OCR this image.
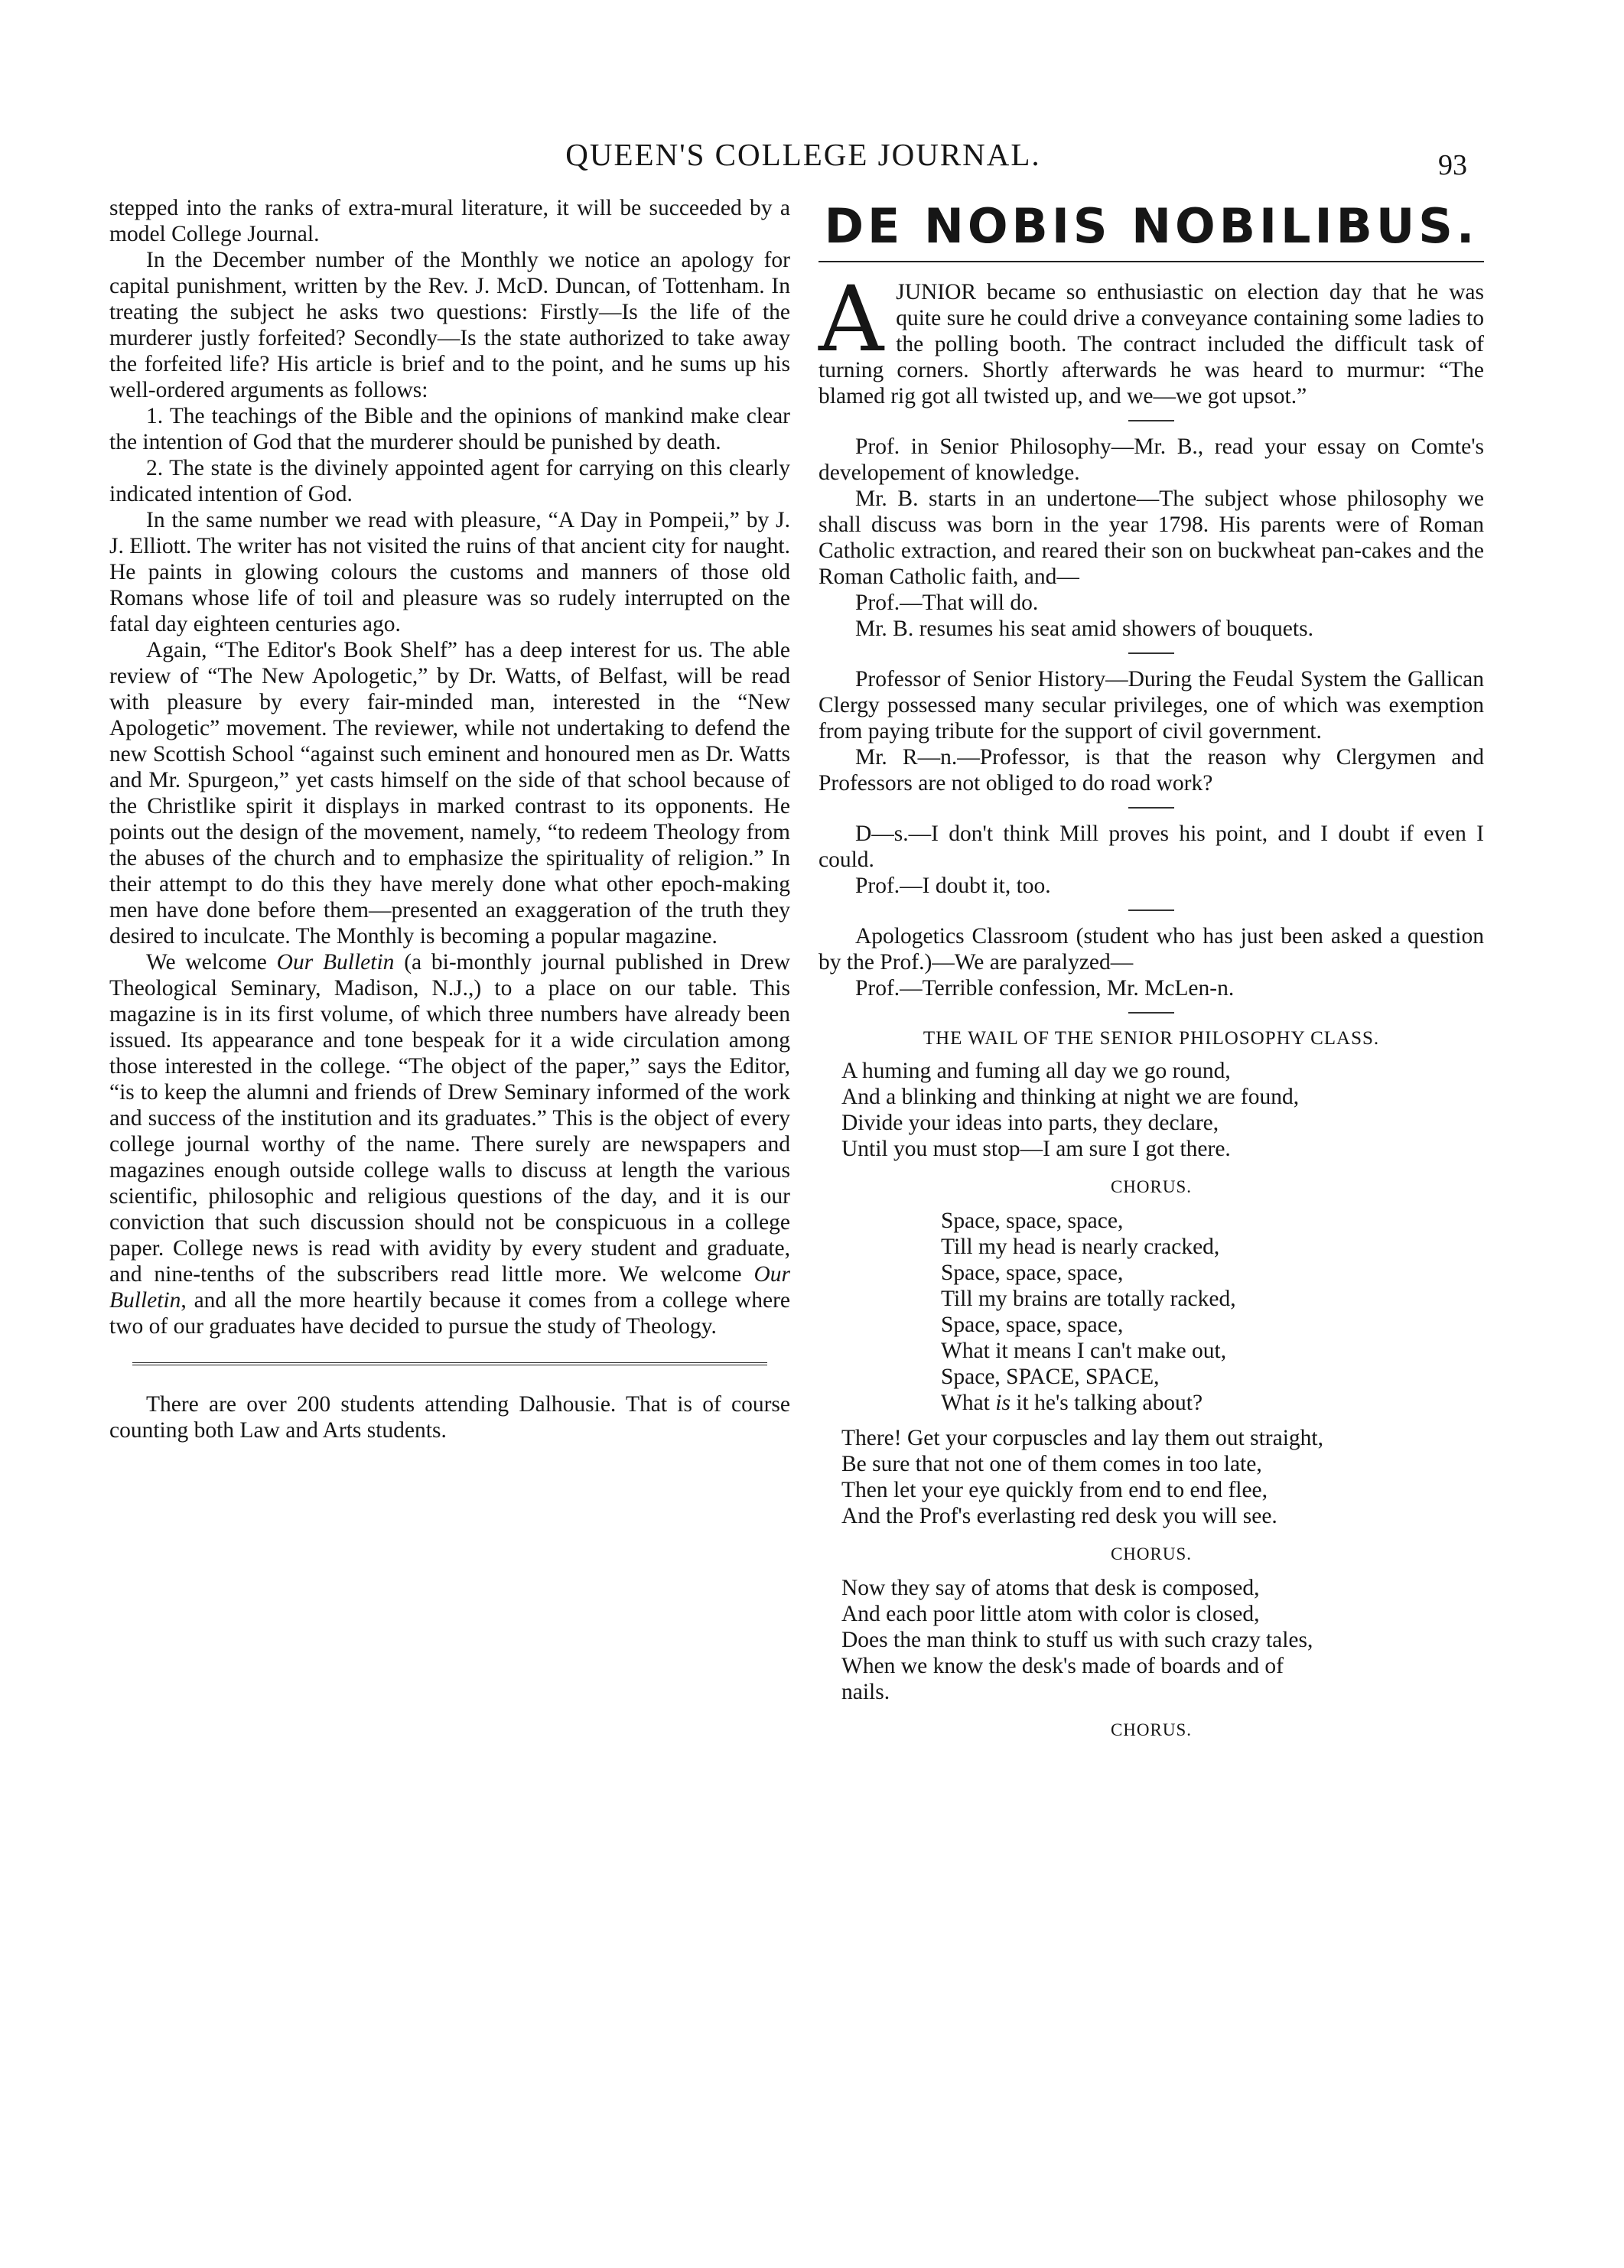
QUEEN'S COLLEGE JOURNAL.	93

stepped into the ranks of extra-mural literature, it will be succeeded by a model College Journal.

In the December number of the Monthly we notice an apology for capital punishment, written by the Rev. J. McD. Duncan, of Tottenham. In treating the subject he asks two questions: Firstly—Is the life of the murderer justly forfeited? Secondly—Is the state authorized to take away the forfeited life? His article is brief and to the point, and he sums up his well-ordered arguments as follows:

1. The teachings of the Bible and the opinions of mankind make clear the intention of God that the murderer should be punished by death.

2. The state is the divinely appointed agent for carrying on this clearly indicated intention of God.

In the same number we read with pleasure, “A Day in Pompeii,” by J. J. Elliott. The writer has not visited the ruins of that ancient city for naught. He paints in glowing colours the customs and manners of those old Romans whose life of toil and pleasure was so rudely interrupted on the fatal day eighteen centuries ago.

Again, “The Editor's Book Shelf” has a deep interest for us. The able review of “The New Apologetic,” by Dr. Watts, of Belfast, will be read with pleasure by every fair-minded man, interested in the “New Apologetic” movement. The reviewer, while not undertaking to defend the new Scottish School “against such eminent and honoured men as Dr. Watts and Mr. Spurgeon,” yet casts himself on the side of that school because of the Christlike spirit it displays in marked contrast to its opponents. He points out the design of the movement, namely, “to redeem Theology from the abuses of the church and to emphasize the spirituality of religion.” In their attempt to do this they have merely done what other epoch-making men have done before them—presented an exaggeration of the truth they desired to inculcate. The Monthly is becoming a popular magazine.

We welcome Our Bulletin (a bi-monthly journal published in Drew Theological Seminary, Madison, N.J.,) to a place on our table. This magazine is in its first volume, of which three numbers have already been issued. Its appearance and tone bespeak for it a wide circulation among those interested in the college. “The object of the paper,” says the Editor, “is to keep the alumni and friends of Drew Seminary informed of the work and success of the institution and its graduates.” This is the object of every college journal worthy of the name. There surely are newspapers and magazines enough outside college walls to discuss at length the various scientific, philosophic and religious questions of the day, and it is our conviction that such discussion should not be conspicuous in a college paper. College news is read with avidity by every student and graduate, and nine-tenths of the subscribers read little more. We welcome Our Bulletin, and all the more heartily because it comes from a college where two of our graduates have decided to pursue the study of Theology.

There are over 200 students attending Dalhousie. That is of course counting both Law and Arts students.

DE NOBIS NOBILIBUS.

A JUNIOR became so enthusiastic on election day that he was quite sure he could drive a conveyance containing some ladies to the polling booth. The contract included the difficult task of turning corners. Shortly afterwards he was heard to murmur: “The blamed rig got all twisted up, and we—we got upsot.”

Prof. in Senior Philosophy—Mr. B., read your essay on Comte's developement of knowledge.

Mr. B. starts in an undertone—The subject whose philosophy we shall discuss was born in the year 1798. His parents were of Roman Catholic extraction, and reared their son on buckwheat pan-cakes and the Roman Catholic faith, and—

Prof.—That will do.

Mr. B. resumes his seat amid showers of bouquets.

Professor of Senior History—During the Feudal System the Gallican Clergy possessed many secular privileges, one of which was exemption from paying tribute for the support of civil government.

Mr. R—n.—Professor, is that the reason why Clergymen and Professors are not obliged to do road work?

D—s.—I don't think Mill proves his point, and I doubt if even I could.

Prof.—I doubt it, too.

Apologetics Classroom (student who has just been asked a question by the Prof.)—We are paralyzed—

Prof.—Terrible confession, Mr. McLen-n.

THE WAIL OF THE SENIOR PHILOSOPHY CLASS.

A huming and fuming all day we go round,

And a blinking and thinking at night we are found,

Divide your ideas into parts, they declare,

Until you must stop—I am sure I got there.

CHORUS.

Space, space, space,

Till my head is nearly cracked,

Space, space, space,

Till my brains are totally racked,

Space, space, space,

What it means I can't make out,

Space, SPACE, SPACE,

What is it he's talking about?

There! Get your corpuscles and lay them out straight,

Be sure that not one of them comes in too late,

Then let your eye quickly from end to end flee,

And the Prof's everlasting red desk you will see.

CHORUS.

Now they say of atoms that desk is composed,

And each poor little atom with color is closed,

Does the man think to stuff us with such crazy tales,

When we know the desk's made of boards and of

nails.

CHORUS.
